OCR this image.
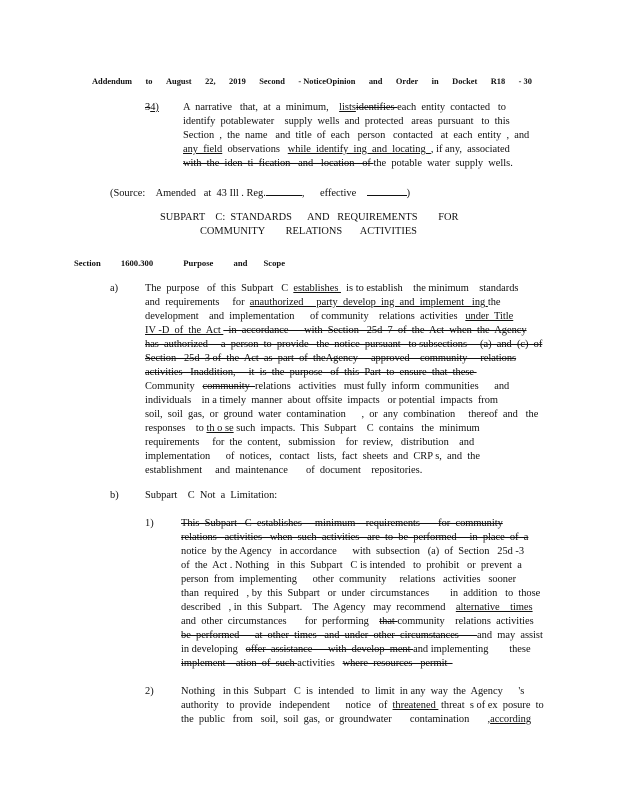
Addendum to August 22, 2019 Second - NoticeOpinion and Order in Docket R18 - 30
34) A  narrative   that,  at  a  minimum,    listsidentifies each  entity  contacted   to
identify  potablewater    supply  wells  and  protected   areas  pursuant   to  this
Section  ,  the  name   and  title  of  each   person   contacted   at  each  entity  ,  and
any  field  observations   while  identify  ing  and  locating  , if any,  associated
with  the  iden  ti  fication   and   location   of the  potable  water  supply  wells.
(Source: Amended at  43 Ill . Reg.	,      effective	)
SUBPART    C:  STANDARDS      AND   REQUIREMENTS        FOR
COMMUNITY        RELATIONS       ACTIVITIES
Section 1600.300	Purpose and Scope
a)	The  purpose   of  this  Subpart   C  establishes   is to establish    the minimum    standards
and  requirements     for  anauthorized     party  develop  ing  and  implement   ing the
development    and  implementation      of community    relations  activities   under  Title
IV -D  of  the  Act   in  accordance      with  Section   25d  7  of  the  Act  when  the  Agency
has  authorized     a  person  to  provide   the  notice  pursuant   to subsections     (a)  and  (c)  of
Section   25d  3 of  the  Act  as  part  of  theAgency     approved    community     relations
activities   Inaddition,     it  is  the  purpose   of  this  Part  to  ensure  that  these
Community   community  relations   activities   must fully  inform  communities      and
individuals    in a timely  manner  about  offsite  impacts   or potential  impacts  from
soil,  soil  gas,  or  ground  water  contamination      ,  or  any  combination     thereof  and   the
responses    to th o se such  impacts.  This  Subpart    C  contains   the  minimum
requirements     for  the  content,   submission    for  review,   distribution    and
implementation      of  notices,   contact   lists,  fact  sheets  and  CRP s,  and  the
establishment     and  maintenance       of  document    repositories.
b)	Subpart    C  Not  a  Limitation:
1)	This  Subpart   C  establishes     minimum    requirements       for  community
relations   activities   when  such  activities   are  to  be  performed     in  place  of  a
notice  by the Agency   in accordance      with  subsection   (a)  of  Section   25d -3
of  the  Act . Nothing   in  this  Subpart   C is intended   to  prohibit   or  prevent  a
person  from  implementing      other  community     relations   activities   sooner
than  required   , by  this  Subpart   or  under  circumstances        in  addition   to  those
described   , in  this  Subpart.    The  Agency   may  recommend    alternative    times
and  other  circumstances       for  performing    that community    relations  activities
be  performed      at  other  times   and  under  other  circumstances       and  may  assist
in developing   offer  assistance      with  develop  ment and implementing        these
implement    ation  of  such activities   where  resources   permit
2)	Nothing   in this  Subpart   C  is  intended   to  limit  in any  way  the  Agency      's
authority   to  provide   independent      notice   of  threatened  threat  s of ex  posure  to
the  public   from   soil,  soil  gas,  or  groundwater       contamination       ,according
